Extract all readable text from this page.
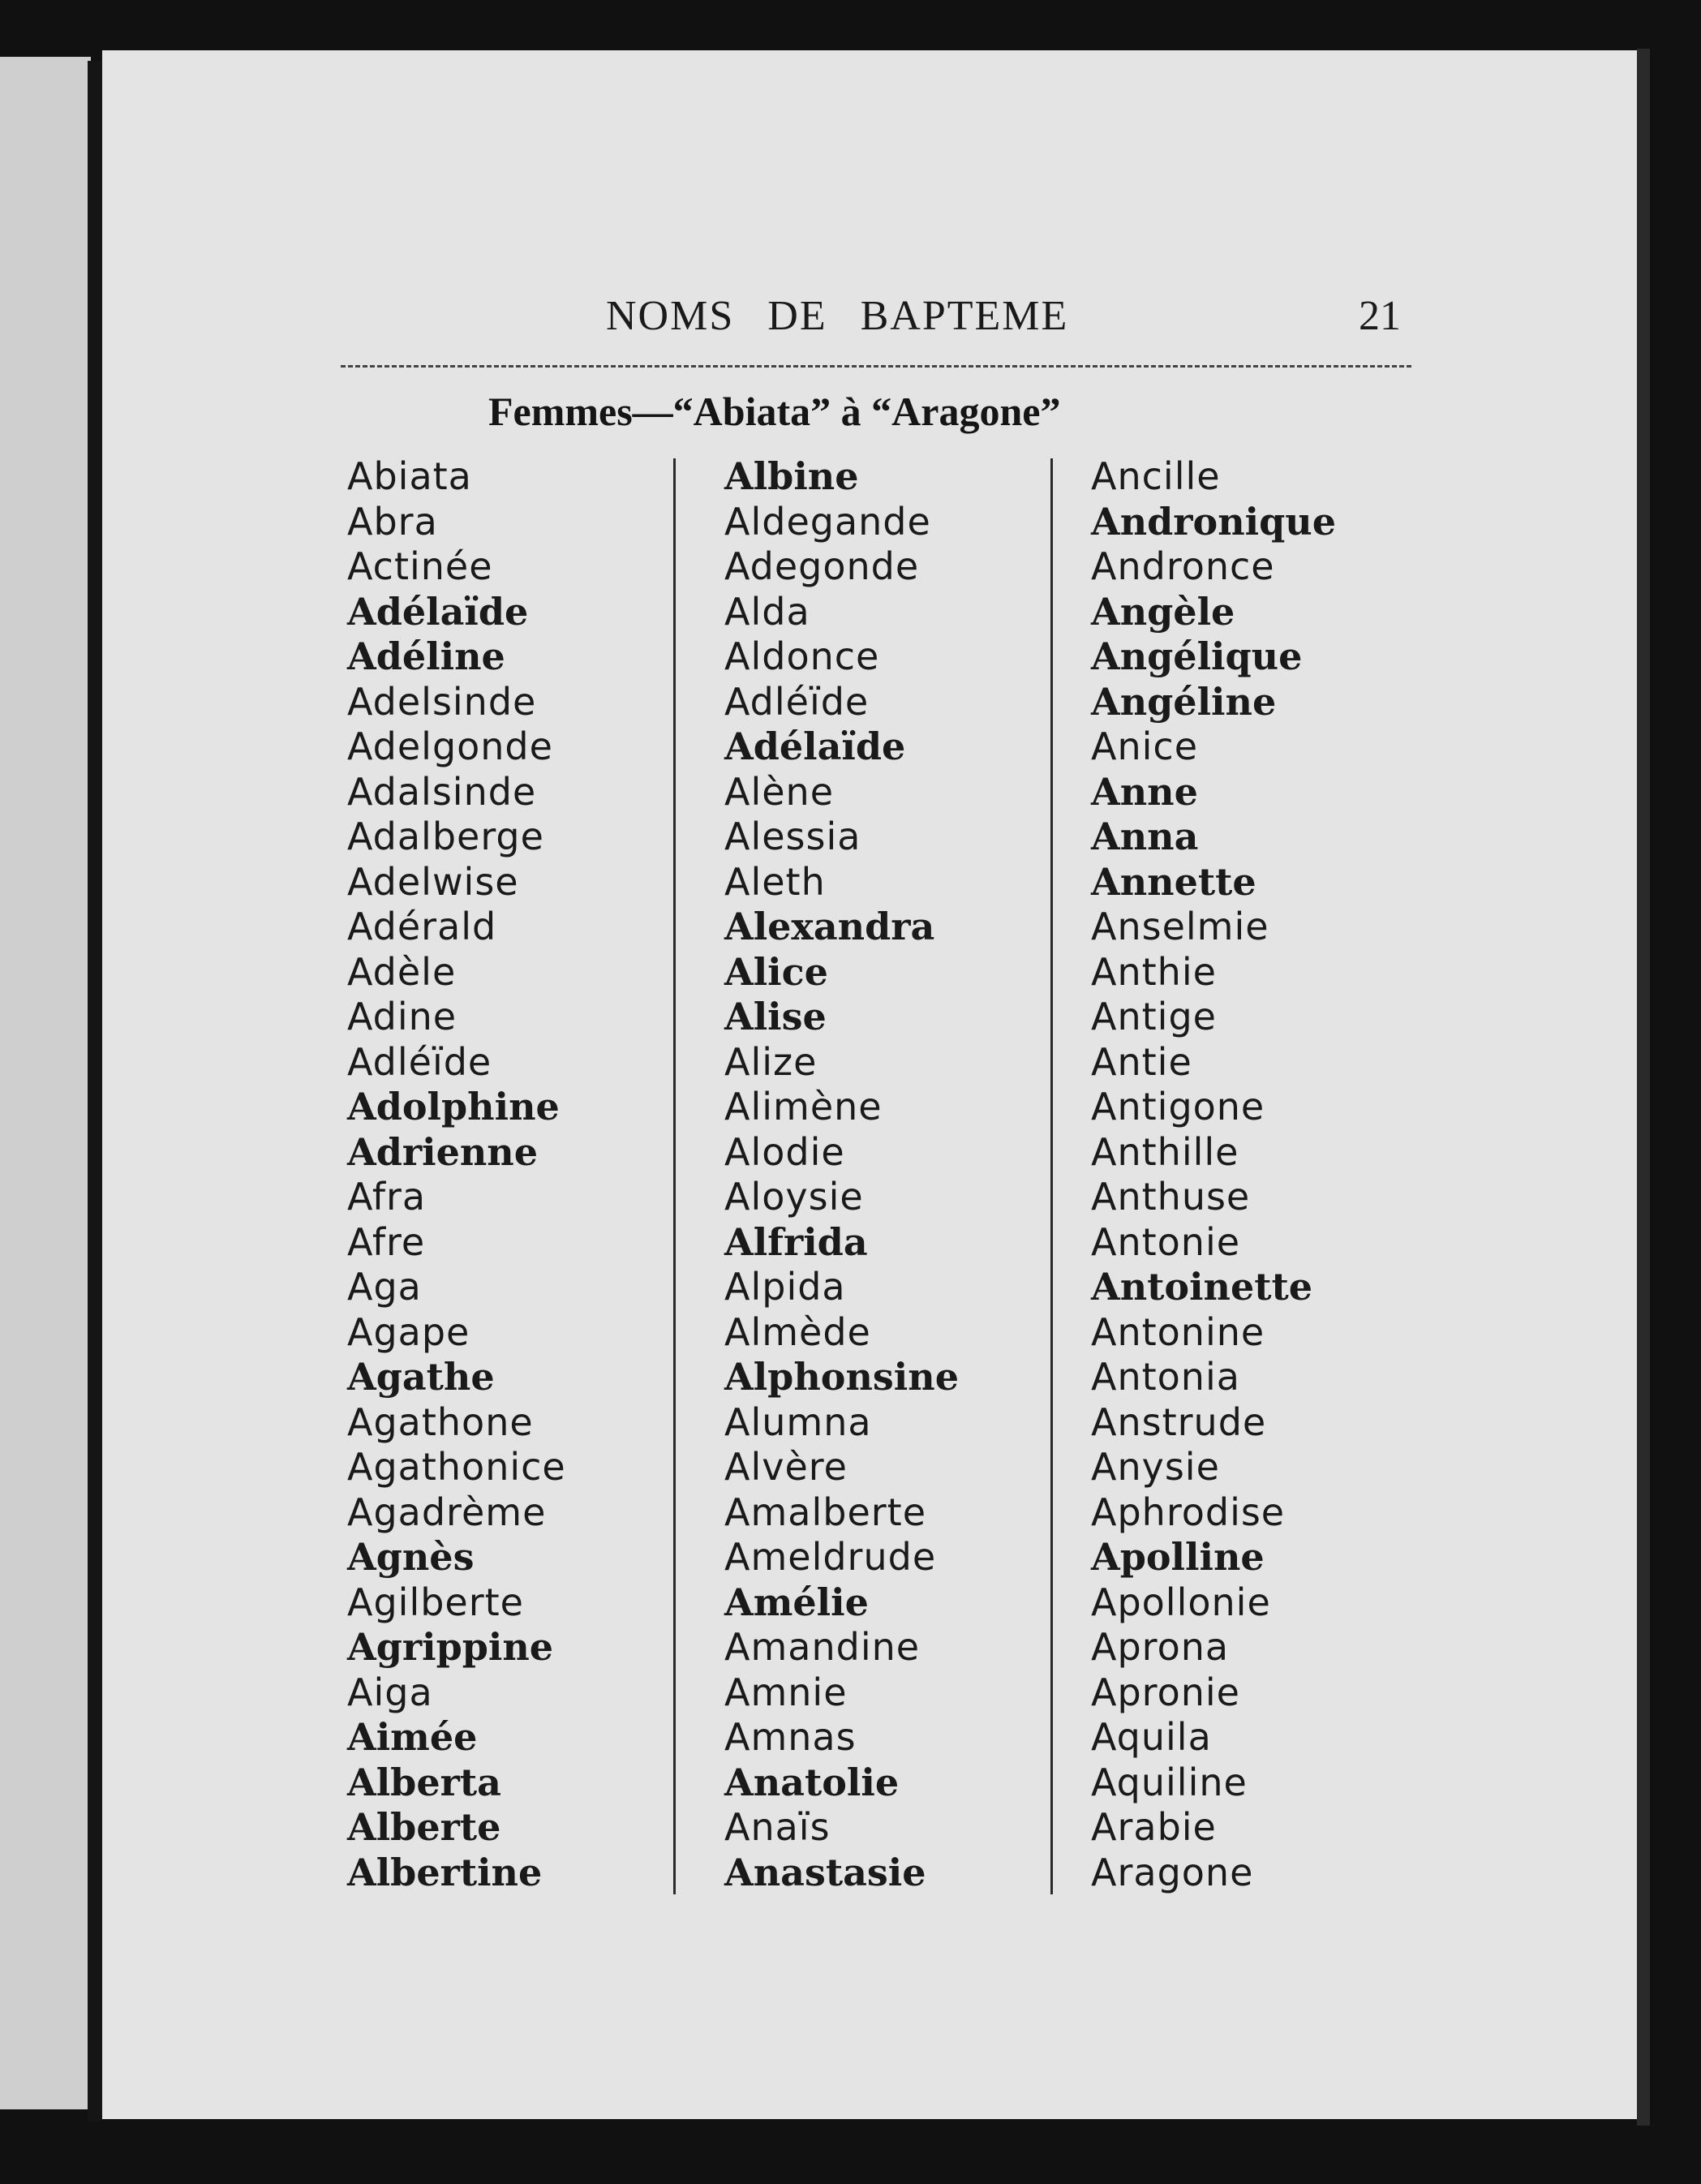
NOMS DE BAPTEME	21
Femmes—“Abiata” à “Aragone”
Abiata
Abra
Actinée
Adélaïde
Adéline
Adelsinde
Adelgonde
Adalsinde
Adalberge
Adelwise
Adérald
Adèle
Adine
Adléïde
Adolphine
Adrienne
Afra
Afre
Aga
Agape
Agathe
Agathone
Agathonice
Agadrème
Agnès
Agilberte
Agrippine
Aiga
Aimée
Alberta
Alberte
Albertine
Albine
Aldegande
Adegonde
Alda
Aldonce
Adléïde
Adélaïde
Alène
Alessia
Aleth
Alexandra
Alice
Alise
Alize
Alimène
Alodie
Aloysie
Alfrida
Alpida
Almède
Alphonsine
Alumna
Alvère
Amalberte
Ameldrude
Amélie
Amandine
Amnie
Amnas
Anatolie
Anaïs
Anastasie
Ancille
Andronique
Andronce
Angèle
Angélique
Angéline
Anice
Anne
Anna
Annette
Anselmie
Anthie
Antige
Antie
Antigone
Anthille
Anthuse
Antonie
Antoinette
Antonine
Antonia
Anstrude
Anysie
Aphrodise
Apolline
Apollonie
Aprona
Apronie
Aquila
Aquiline
Arabie
Aragone
